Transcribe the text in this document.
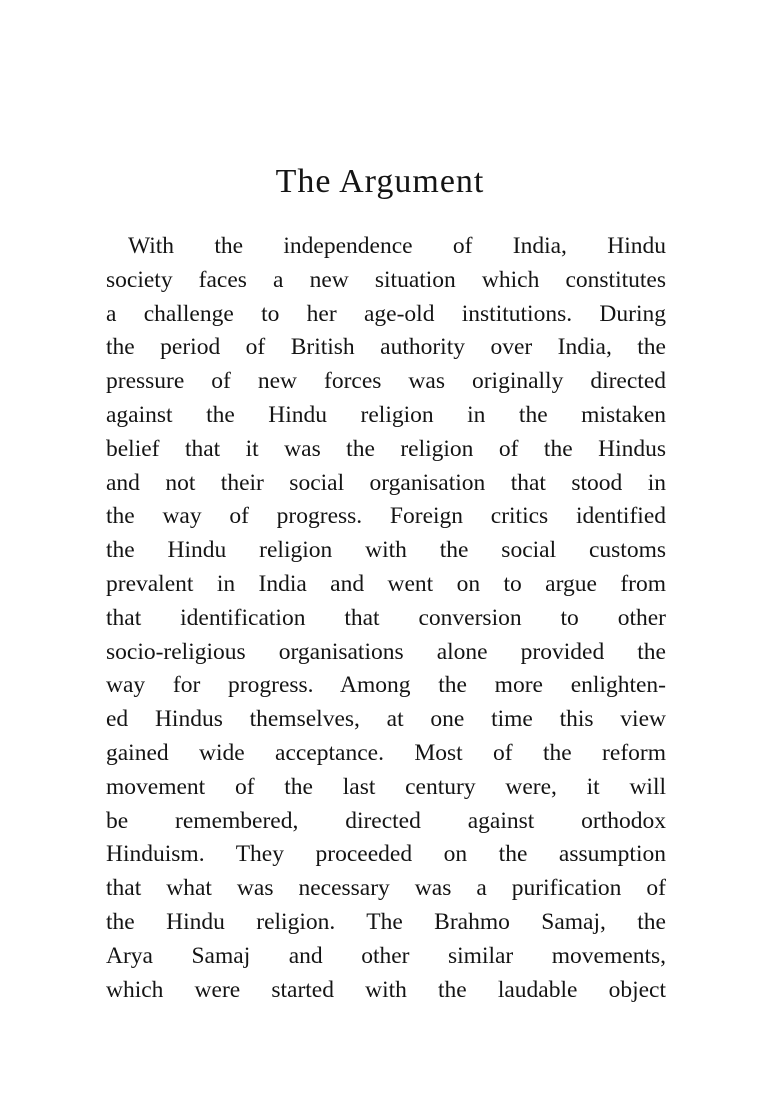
The Argument
With the independence of India, Hindu
society faces a new situation which constitutes
a challenge to her age-old institutions. During
the period of British authority over India, the
pressure of new forces was originally directed
against the Hindu religion in the mistaken
belief that it was the religion of the Hindus
and not their social organisation that stood in
the way of progress. Foreign critics identified
the Hindu religion with the social customs
prevalent in India and went on to argue from
that identification that conversion to other
socio-religious organisations alone provided the
way for progress. Among the more enlighten-
ed Hindus themselves, at one time this view
gained wide acceptance. Most of the reform
movement of the last century were, it will
be remembered, directed against orthodox
Hinduism. They proceeded on the assumption
that what was necessary was a purification of
the Hindu religion. The Brahmo Samaj, the
Arya Samaj and other similar movements,
which were started with the laudable object
